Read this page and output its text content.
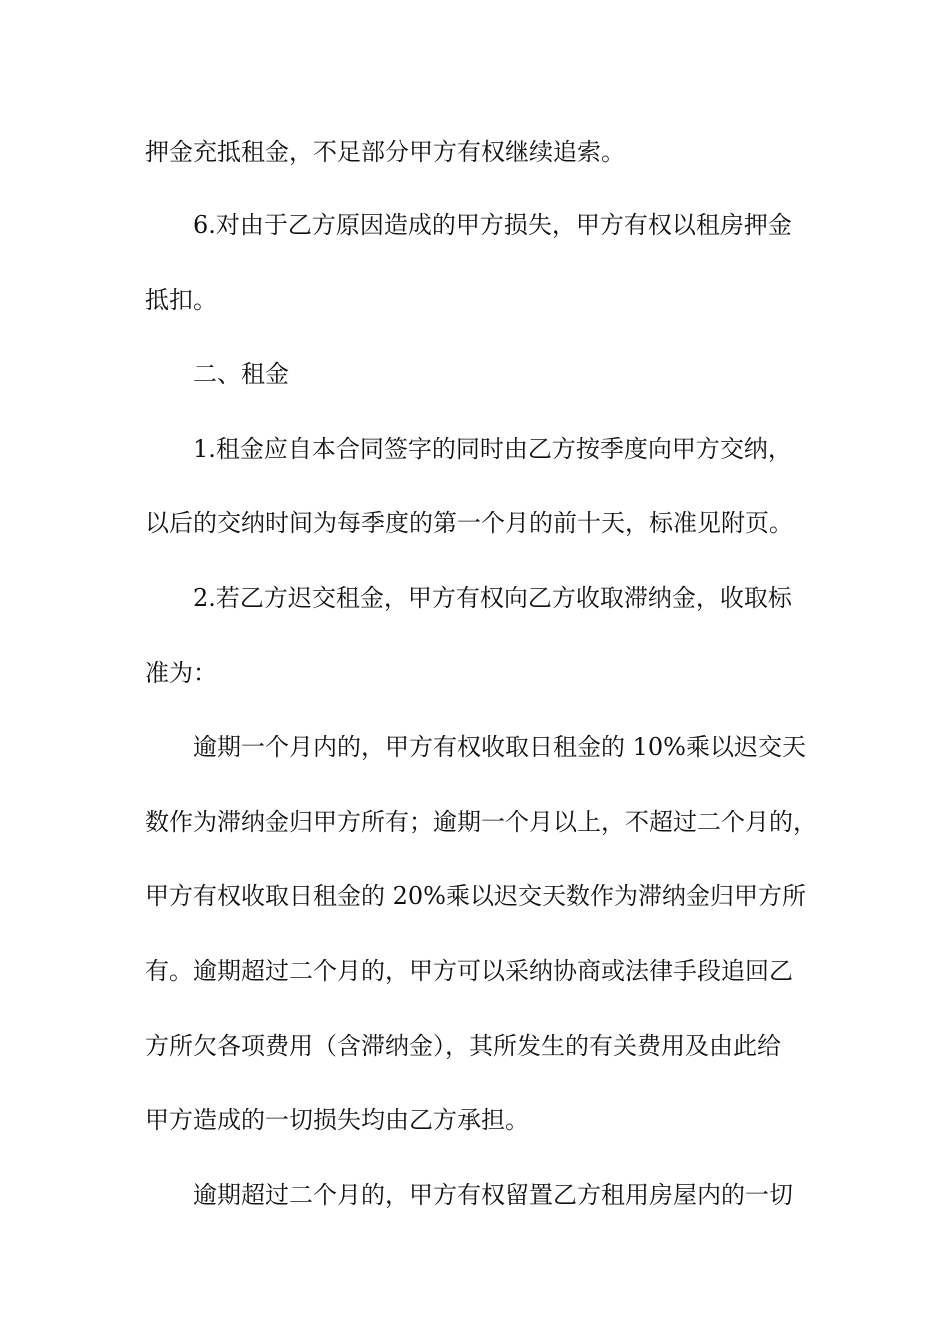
押金充抵租金，不足部分甲方有权继续追索。
6.对由于乙方原因造成的甲方损失，甲方有权以租房押金
抵扣。
二、租金
1.租金应自本合同签字的同时由乙方按季度向甲方交纳，
以后的交纳时间为每季度的第一个月的前十天，标准见附页。
2.若乙方迟交租金，甲方有权向乙方收取滞纳金，收取标
准为：
逾期一个月内的，甲方有权收取日租金的 10%乘以迟交天
数作为滞纳金归甲方所有；逾期一个月以上，不超过二个月的，
甲方有权收取日租金的 20%乘以迟交天数作为滞纳金归甲方所
有。逾期超过二个月的，甲方可以采纳协商或法律手段追回乙
方所欠各项费用（含滞纳金），其所发生的有关费用及由此给
甲方造成的一切损失均由乙方承担。
逾期超过二个月的，甲方有权留置乙方租用房屋内的一切
